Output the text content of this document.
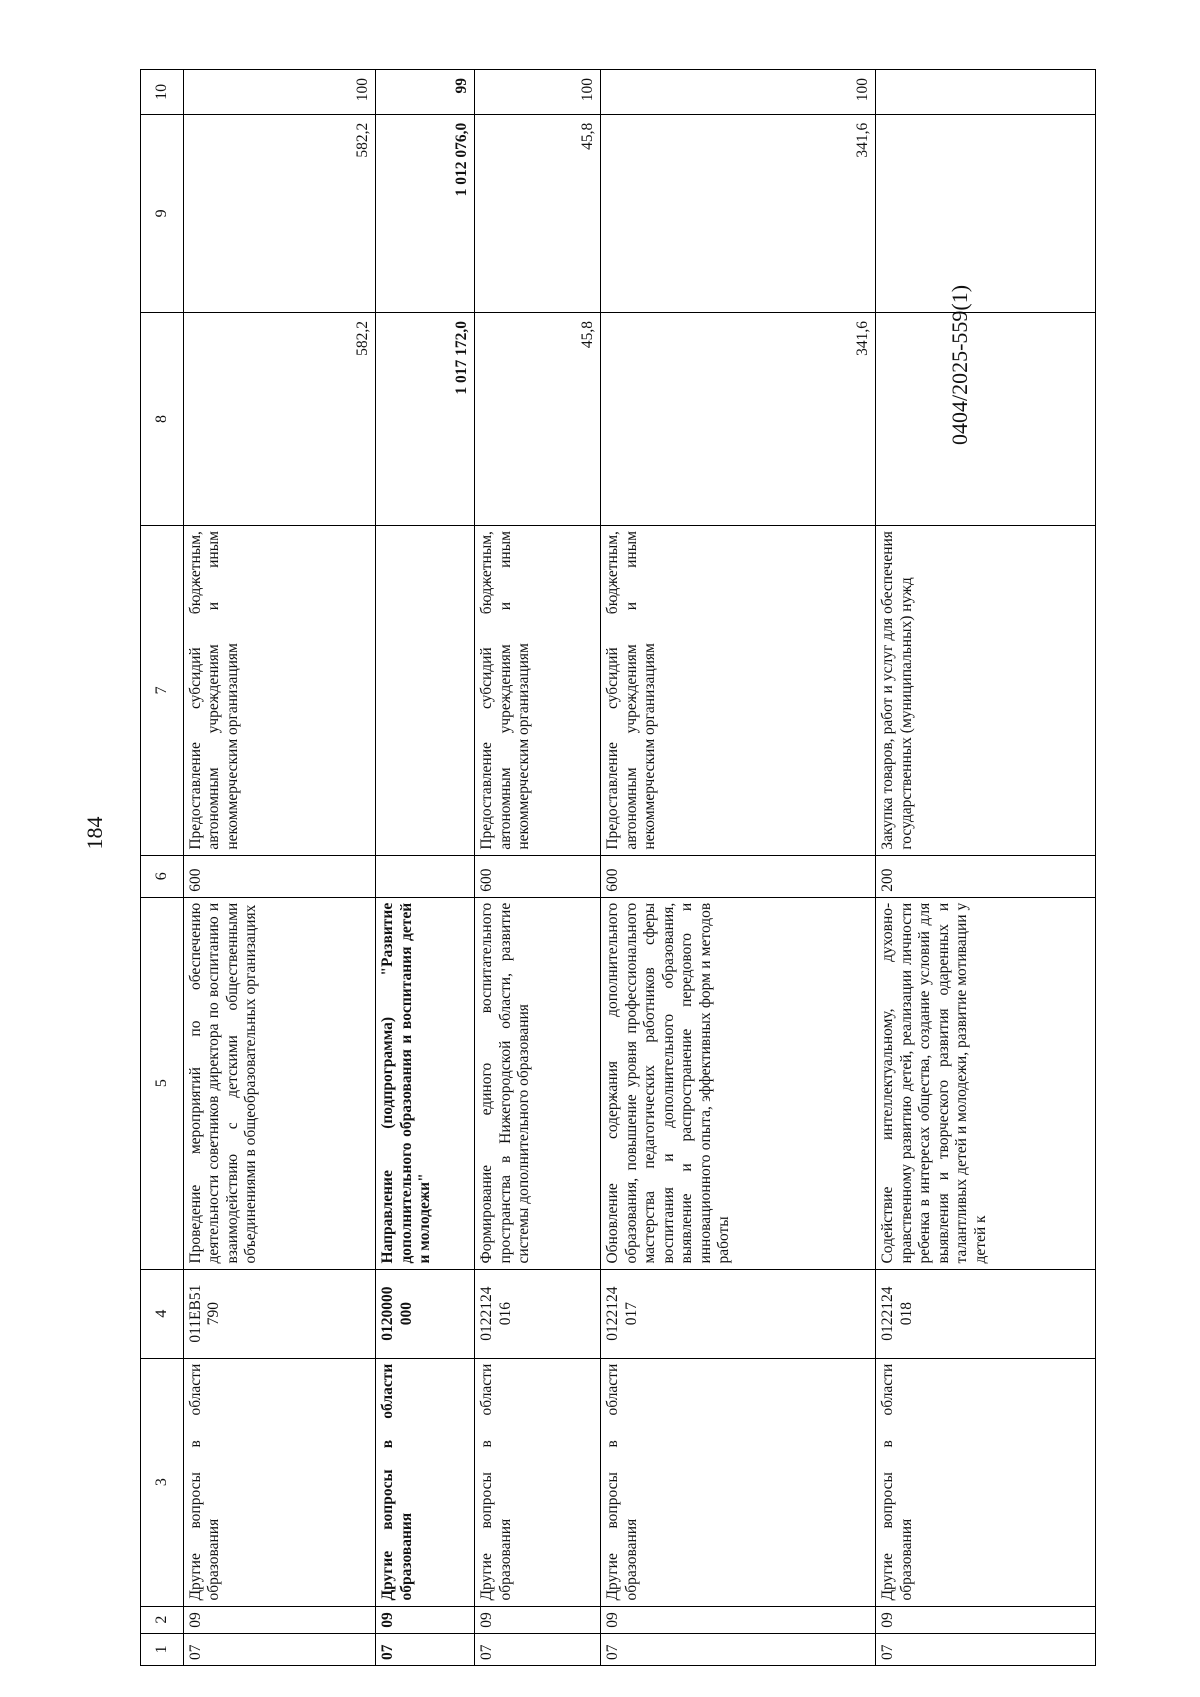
184
0404/2025-559(1)
1	2	3	4	5	6	7	8	9	10
07	09	Другие вопросы в области образования	011EB51 790	Проведение мероприятий по обеспечению деятельности советников директора по воспитанию и взаимодействию с детскими общественными объединениями в общеобразовательных организациях	600	Предоставление субсидий бюджетным, автономным учреждениям и иным некоммерческим организациям	582,2	582,2	100
07	09	Другие вопросы в области образования	0120000 000	Направление (подпрограмма) "Развитие дополнительного образования и воспитания детей и молодежи"			1 017 172,0	1 012 076,0	99
07	09	Другие вопросы в области образования	0122124 016	Формирование единого воспитательного пространства в Нижегородской области, развитие системы дополнительного образования	600	Предоставление субсидий бюджетным, автономным учреждениям и иным некоммерческим организациям	45,8	45,8	100
07	09	Другие вопросы в области образования	0122124 017	Обновление содержания дополнительного образования, повышение уровня профессионального мастерства педагогических работников сферы воспитания и дополнительного образования, выявление и распространение передового и инновационного опыта, эффективных форм и методов работы	600	Предоставление субсидий бюджетным, автономным учреждениям и иным некоммерческим организациям	341,6	341,6	100
07	09	Другие вопросы в области образования	0122124 018	Содействие интеллектуальному, духовно-нравственному развитию детей, реализации личности ребенка в интересах общества, создание условий для выявления и творческого развития одаренных и талантливых детей и молодежи, развитие мотивации у детей к	200	Закупка товаров, работ и услуг для обеспечения государственных (муниципальных) нужд			
